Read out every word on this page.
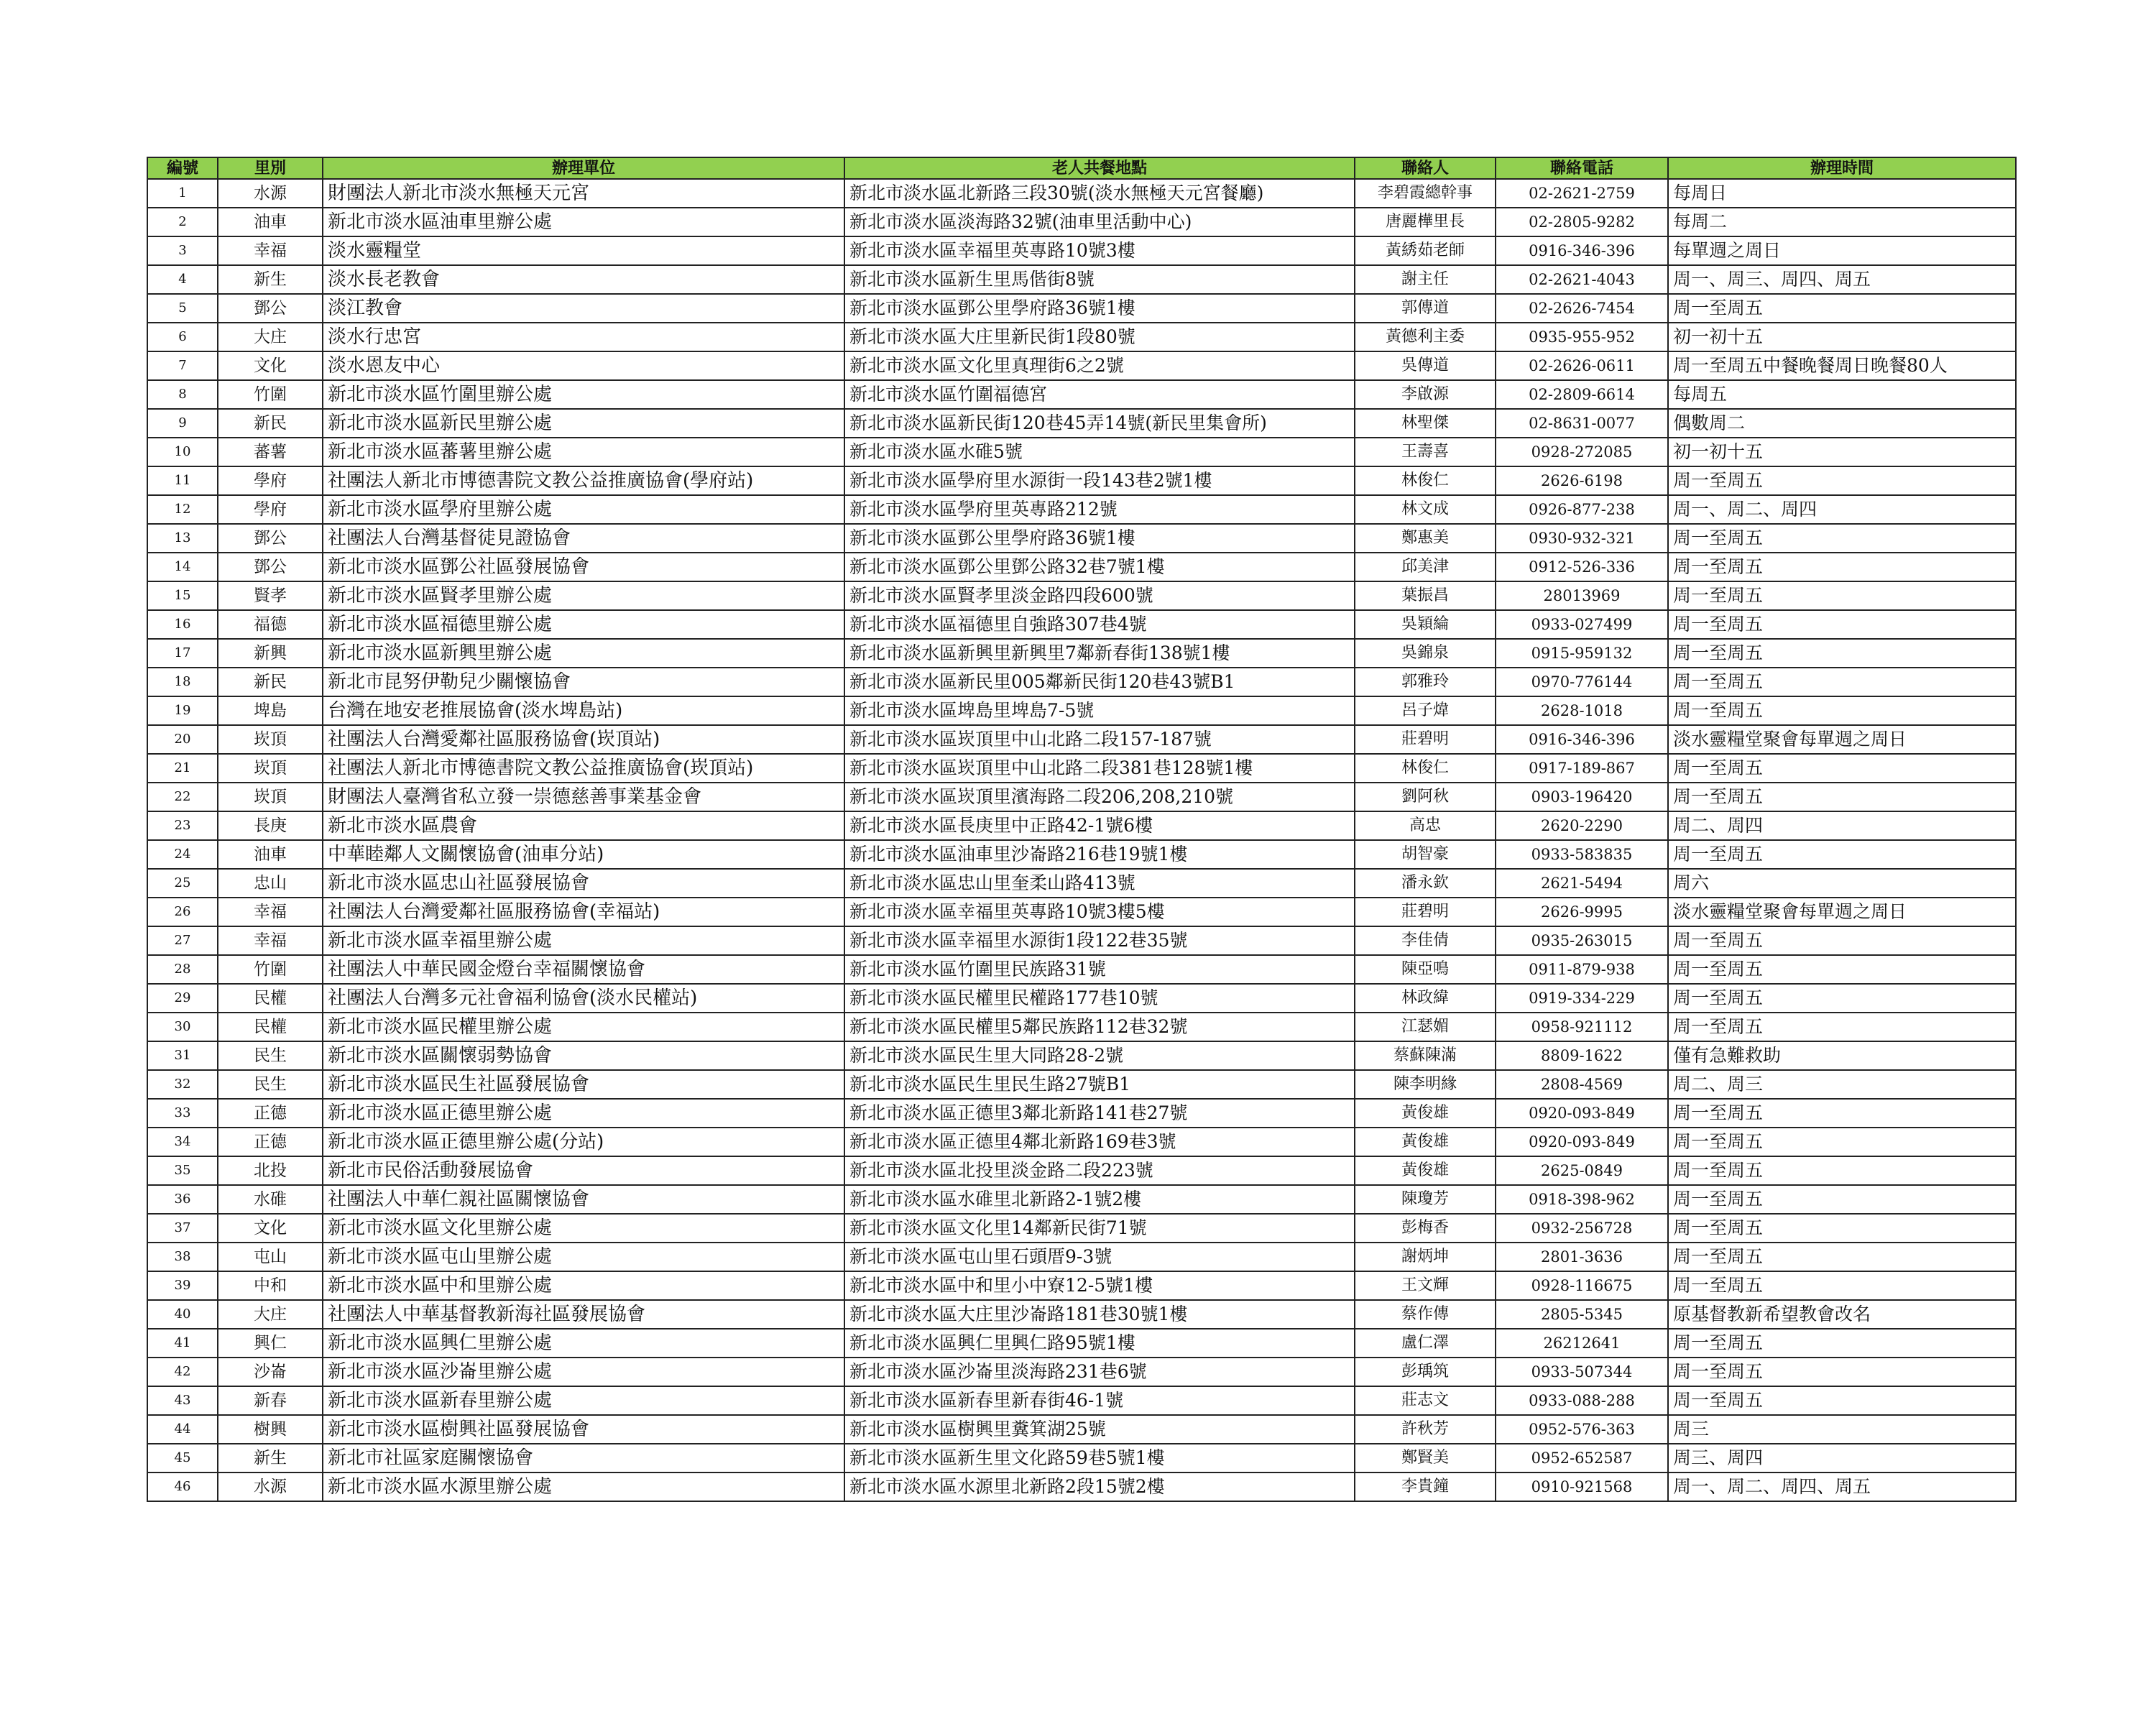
編號	里別	辦理單位	老人共餐地點	聯絡人	聯絡電話	辦理時間
1	水源	財團法人新北市淡水無極天元宮	新北市淡水區北新路三段30號(淡水無極天元宮餐廳)	李碧霞總幹事	02-2621-2759	每周日
2	油車	新北市淡水區油車里辦公處	新北市淡水區淡海路32號(油車里活動中心)	唐麗樺里長	02-2805-9282	每周二
3	幸福	淡水靈糧堂	新北市淡水區幸福里英專路10號3樓	黃綉茹老師	0916-346-396	每單週之周日
4	新生	淡水長老教會	新北市淡水區新生里馬偕街8號	謝主任	02-2621-4043	周一、周三、周四、周五
5	鄧公	淡江教會	新北市淡水區鄧公里學府路36號1樓	郭傳道	02-2626-7454	周一至周五
6	大庄	淡水行忠宮	新北市淡水區大庄里新民街1段80號	黃德利主委	0935-955-952	初一初十五
7	文化	淡水恩友中心	新北市淡水區文化里真理街6之2號	吳傳道	02-2626-0611	周一至周五中餐晚餐周日晚餐80人
8	竹圍	新北市淡水區竹圍里辦公處	新北市淡水區竹圍福德宮	李啟源	02-2809-6614	每周五
9	新民	新北市淡水區新民里辦公處	新北市淡水區新民街120巷45弄14號(新民里集會所)	林聖傑	02-8631-0077	偶數周二
10	蕃薯	新北市淡水區蕃薯里辦公處	新北市淡水區水碓5號	王壽喜	0928-272085	初一初十五
11	學府	社團法人新北市博德書院文教公益推廣協會(學府站)	新北市淡水區學府里水源街一段143巷2號1樓	林俊仁	2626-6198	周一至周五
12	學府	新北市淡水區學府里辦公處	新北市淡水區學府里英專路212號	林文成	0926-877-238	周一、周二、周四
13	鄧公	社團法人台灣基督徒見證協會	新北市淡水區鄧公里學府路36號1樓	鄭惠美	0930-932-321	周一至周五
14	鄧公	新北市淡水區鄧公社區發展協會	新北市淡水區鄧公里鄧公路32巷7號1樓	邱美津	0912-526-336	周一至周五
15	賢孝	新北市淡水區賢孝里辦公處	新北市淡水區賢孝里淡金路四段600號	葉振昌	28013969	周一至周五
16	福德	新北市淡水區福德里辦公處	新北市淡水區福德里自強路307巷4號	吳穎綸	0933-027499	周一至周五
17	新興	新北市淡水區新興里辦公處	新北市淡水區新興里新興里7鄰新春街138號1樓	吳錦泉	0915-959132	周一至周五
18	新民	新北市昆努伊勒兒少關懷協會	新北市淡水區新民里005鄰新民街120巷43號B1	郭雅玲	0970-776144	周一至周五
19	埤島	台灣在地安老推展協會(淡水埤島站)	新北市淡水區埤島里埤島7-5號	呂子煒	2628-1018	周一至周五
20	崁頂	社團法人台灣愛鄰社區服務協會(崁頂站)	新北市淡水區崁頂里中山北路二段157-187號	莊碧明	0916-346-396	淡水靈糧堂聚會每單週之周日
21	崁頂	社團法人新北市博德書院文教公益推廣協會(崁頂站)	新北市淡水區崁頂里中山北路二段381巷128號1樓	林俊仁	0917-189-867	周一至周五
22	崁頂	財團法人臺灣省私立發一崇德慈善事業基金會	新北市淡水區崁頂里濱海路二段206,208,210號	劉阿秋	0903-196420	周一至周五
23	長庚	新北市淡水區農會	新北市淡水區長庚里中正路42-1號6樓	高忠	2620-2290	周二、周四
24	油車	中華睦鄰人文關懷協會(油車分站)	新北市淡水區油車里沙崙路216巷19號1樓	胡智豪	0933-583835	周一至周五
25	忠山	新北市淡水區忠山社區發展協會	新北市淡水區忠山里奎柔山路413號	潘永欽	2621-5494	周六
26	幸福	社團法人台灣愛鄰社區服務協會(幸福站)	新北市淡水區幸福里英專路10號3樓5樓	莊碧明	2626-9995	淡水靈糧堂聚會每單週之周日
27	幸福	新北市淡水區幸福里辦公處	新北市淡水區幸福里水源街1段122巷35號	李佳倩	0935-263015	周一至周五
28	竹圍	社團法人中華民國金燈台幸福關懷協會	新北市淡水區竹圍里民族路31號	陳亞鳴	0911-879-938	周一至周五
29	民權	社團法人台灣多元社會福利協會(淡水民權站)	新北市淡水區民權里民權路177巷10號	林政緯	0919-334-229	周一至周五
30	民權	新北市淡水區民權里辦公處	新北市淡水區民權里5鄰民族路112巷32號	江瑟媚	0958-921112	周一至周五
31	民生	新北市淡水區關懷弱勢協會	新北市淡水區民生里大同路28-2號	蔡蘇陳滿	8809-1622	僅有急難救助
32	民生	新北市淡水區民生社區發展協會	新北市淡水區民生里民生路27號B1	陳李明緣	2808-4569	周二、周三
33	正德	新北市淡水區正德里辦公處	新北市淡水區正德里3鄰北新路141巷27號	黃俊雄	0920-093-849	周一至周五
34	正德	新北市淡水區正德里辦公處(分站)	新北市淡水區正德里4鄰北新路169巷3號	黃俊雄	0920-093-849	周一至周五
35	北投	新北市民俗活動發展協會	新北市淡水區北投里淡金路二段223號	黃俊雄	2625-0849	周一至周五
36	水碓	社團法人中華仁親社區關懷協會	新北市淡水區水碓里北新路2-1號2樓	陳瓊芳	0918-398-962	周一至周五
37	文化	新北市淡水區文化里辦公處	新北市淡水區文化里14鄰新民街71號	彭梅香	0932-256728	周一至周五
38	屯山	新北市淡水區屯山里辦公處	新北市淡水區屯山里石頭厝9-3號	謝炳坤	2801-3636	周一至周五
39	中和	新北市淡水區中和里辦公處	新北市淡水區中和里小中寮12-5號1樓	王文輝	0928-116675	周一至周五
40	大庄	社團法人中華基督教新海社區發展協會	新北市淡水區大庄里沙崙路181巷30號1樓	蔡作傳	2805-5345	原基督教新希望教會改名
41	興仁	新北市淡水區興仁里辦公處	新北市淡水區興仁里興仁路95號1樓	盧仁澤	26212641	周一至周五
42	沙崙	新北市淡水區沙崙里辦公處	新北市淡水區沙崙里淡海路231巷6號	彭瑀筑	0933-507344	周一至周五
43	新春	新北市淡水區新春里辦公處	新北市淡水區新春里新春街46-1號	莊志文	0933-088-288	周一至周五
44	樹興	新北市淡水區樹興社區發展協會	新北市淡水區樹興里糞箕湖25號	許秋芳	0952-576-363	周三
45	新生	新北市社區家庭關懷協會	新北市淡水區新生里文化路59巷5號1樓	鄭賢美	0952-652587	周三、周四
46	水源	新北市淡水區水源里辦公處	新北市淡水區水源里北新路2段15號2樓	李貴鐘	0910-921568	周一、周二、周四、周五
